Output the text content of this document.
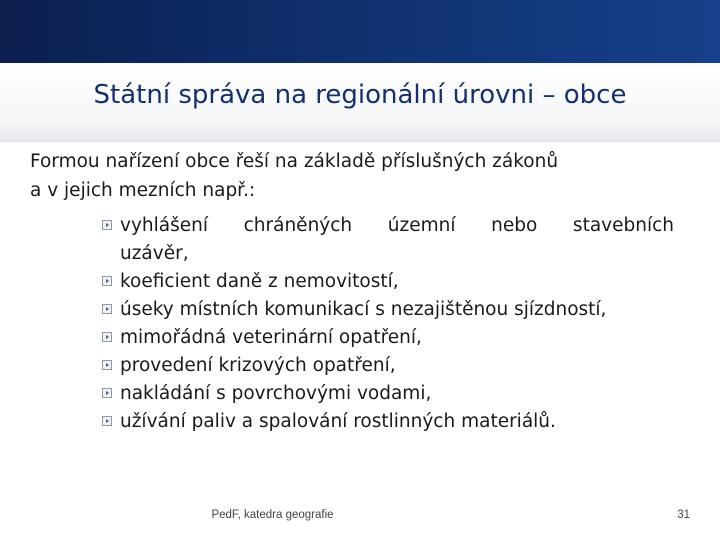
Státní správa na regionální úrovni – obce
Formou nařízení obce řeší na základě příslušných zákonů
a v jejich mezních např.:
vyhlášení chráněných územní nebo stavebních
uzávěr,
koeficient daně z nemovitostí,
úseky místních komunikací s nezajištěnou sjízdností,
mimořádná veterinární opatření,
provedení krizových opatření,
nakládání s povrchovými vodami,
užívání paliv a spalování rostlinných materiálů.
PedF, katedra geografie	31
